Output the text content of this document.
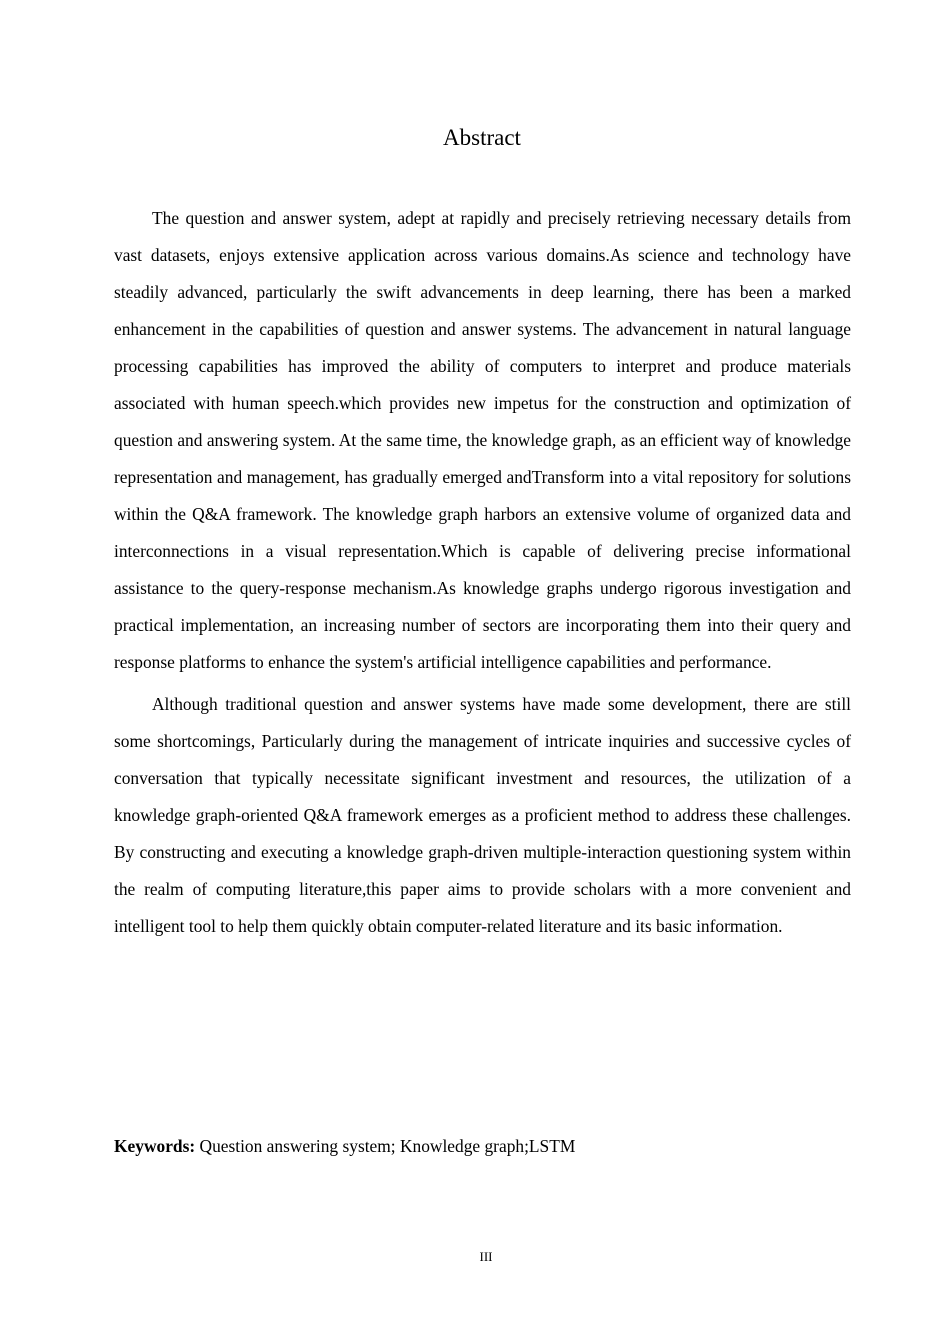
Abstract

The question and answer system, adept at rapidly and precisely retrieving necessary details from vast datasets, enjoys extensive application across various domains.As science and technology have steadily advanced, particularly the swift advancements in deep learning, there has been a marked enhancement in the capabilities of question and answer systems. The advancement in natural language processing capabilities has improved the ability of computers to interpret and produce materials associated with human speech.which provides new impetus for the construction and optimization of question and answering system. At the same time, the knowledge graph, as an efficient way of knowledge representation and management, has gradually emerged andTransform into a vital repository for solutions within the Q&A framework. The knowledge graph harbors an extensive volume of organized data and interconnections in a visual representation.Which is capable of delivering precise informational assistance to the query-response mechanism.As knowledge graphs undergo rigorous investigation and practical implementation, an increasing number of sectors are incorporating them into their query and response platforms to enhance the system's artificial intelligence capabilities and performance.

Although traditional question and answer systems have made some development, there are still some shortcomings, Particularly during the management of intricate inquiries and successive cycles of conversation that typically necessitate significant investment and resources, the utilization of a knowledge graph-oriented Q&A framework emerges as a proficient method to address these challenges. By constructing and executing a knowledge graph-driven multiple-interaction questioning system within the realm of computing literature,this paper aims to provide scholars with a more convenient and intelligent tool to help them quickly obtain computer-related literature and its basic information.

Keywords: Question answering system; Knowledge graph;LSTM
III
